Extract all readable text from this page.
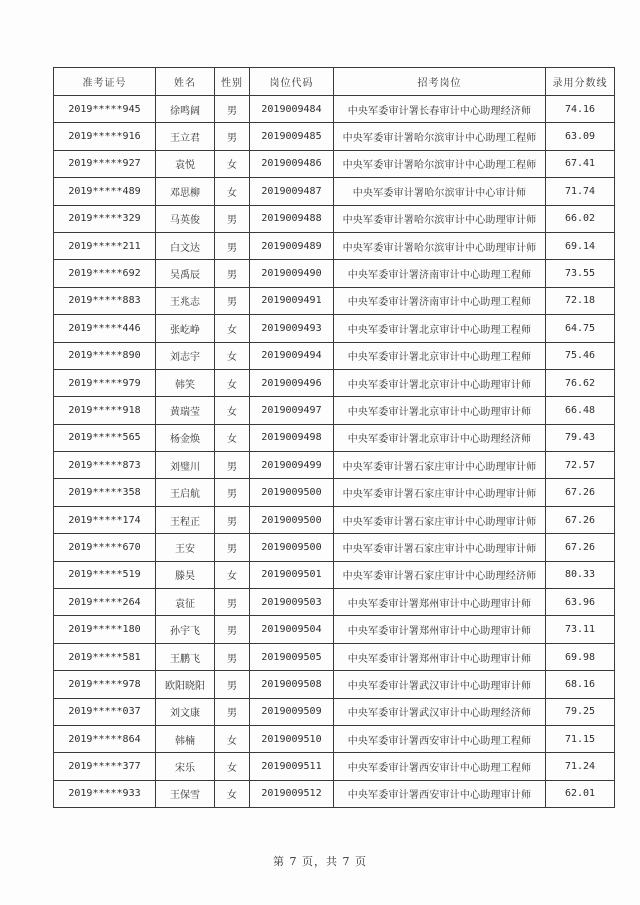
准考证号	姓名	性别	岗位代码	招考岗位	录用分数线
2019*****945	徐鸣阔	男	2019009484	中央军委审计署长春审计中心助理经济师	74.16
2019*****916	王立君	男	2019009485	中央军委审计署哈尔滨审计中心助理工程师	63.09
2019*****927	袁悦	女	2019009486	中央军委审计署哈尔滨审计中心助理工程师	67.41
2019*****489	邓思柳	女	2019009487	中央军委审计署哈尔滨审计中心审计师	71.74
2019*****329	马英俊	男	2019009488	中央军委审计署哈尔滨审计中心助理审计师	66.02
2019*****211	白文达	男	2019009489	中央军委审计署哈尔滨审计中心助理审计师	69.14
2019*****692	吴禹辰	男	2019009490	中央军委审计署济南审计中心助理工程师	73.55
2019*****883	王兆志	男	2019009491	中央军委审计署济南审计中心助理工程师	72.18
2019*****446	张屹峥	女	2019009493	中央军委审计署北京审计中心助理工程师	64.75
2019*****890	刘志宇	女	2019009494	中央军委审计署北京审计中心助理工程师	75.46
2019*****979	韩笑	女	2019009496	中央军委审计署北京审计中心助理审计师	76.62
2019*****918	黄瑞莹	女	2019009497	中央军委审计署北京审计中心助理审计师	66.48
2019*****565	杨金焕	女	2019009498	中央军委审计署北京审计中心助理经济师	79.43
2019*****873	刘璧川	男	2019009499	中央军委审计署石家庄审计中心助理审计师	72.57
2019*****358	王启航	男	2019009500	中央军委审计署石家庄审计中心助理审计师	67.26
2019*****174	王程正	男	2019009500	中央军委审计署石家庄审计中心助理审计师	67.26
2019*****670	王安	男	2019009500	中央军委审计署石家庄审计中心助理审计师	67.26
2019*****519	滕昊	女	2019009501	中央军委审计署石家庄审计中心助理经济师	80.33
2019*****264	袁征	男	2019009503	中央军委审计署郑州审计中心助理审计师	63.96
2019*****180	孙宇飞	男	2019009504	中央军委审计署郑州审计中心助理审计师	73.11
2019*****581	王鹏飞	男	2019009505	中央军委审计署郑州审计中心助理审计师	69.98
2019*****978	欧阳晓阳	男	2019009508	中央军委审计署武汉审计中心助理审计师	68.16
2019*****037	刘文康	男	2019009509	中央军委审计署武汉审计中心助理经济师	79.25
2019*****864	韩楠	女	2019009510	中央军委审计署西安审计中心助理工程师	71.15
2019*****377	宋乐	女	2019009511	中央军委审计署西安审计中心助理工程师	71.24
2019*****933	王保雪	女	2019009512	中央军委审计署西安审计中心助理审计师	62.01
第 7 页，共 7 页
